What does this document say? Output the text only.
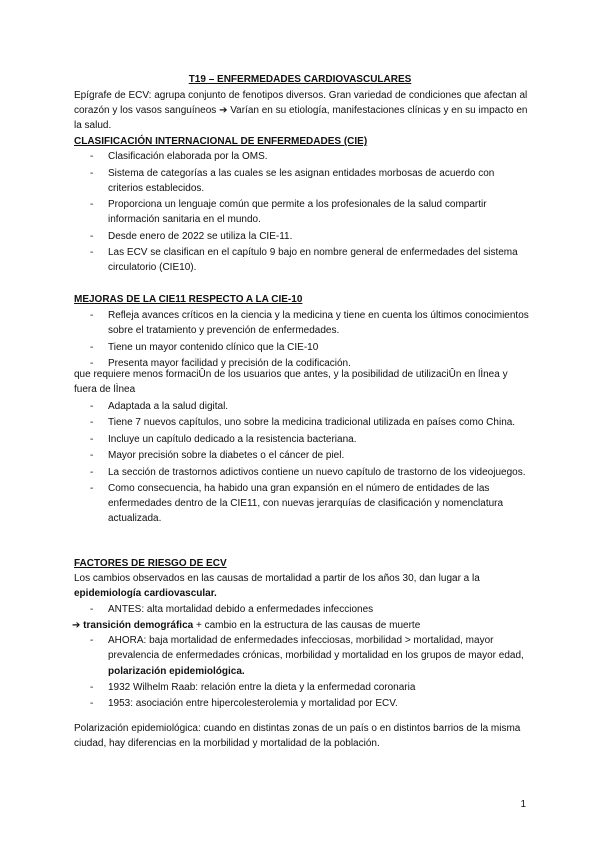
T19 – ENFERMEDADES CARDIOVASCULARES

Epígrafe de ECV: agrupa conjunto de fenotipos diversos. Gran variedad de condiciones que afectan al corazón y los vasos sanguíneos ➔ Varían en su etiología, manifestaciones clínicas y en su impacto en la salud.

CLASIFICACIÓN INTERNACIONAL DE ENFERMEDADES (CIE)

- Clasificación elaborada por la OMS.
- Sistema de categorías a las cuales se les asignan entidades morbosas de acuerdo con criterios establecidos.
- Proporciona un lenguaje común que permite a los profesionales de la salud compartir información sanitaria en el mundo.
- Desde enero de 2022 se utiliza la CIE-11.
- Las ECV se clasifican en el capítulo 9 bajo en nombre general de enfermedades del sistema circulatorio (CIE10).

MEJORAS DE LA CIE11 RESPECTO A LA CIE-10

- Refleja avances críticos en la ciencia y la medicina y tiene en cuenta los últimos conocimientos sobre el tratamiento y prevención de enfermedades.
- Tiene un mayor contenido clínico que la CIE-10
- Presenta mayor facilidad y precisión de la codificación.

que requiere menos formaciÛn de los usuarios que antes, y la posibilidad de utilizaciÛn en lÌnea y fuera de lÌnea

- Adaptada a la salud digital.
- Tiene 7 nuevos capítulos, uno sobre la medicina tradicional utilizada en países como China.
- Incluye un capítulo dedicado a la resistencia bacteriana.
- Mayor precisión sobre la diabetes o el cáncer de piel.
- La sección de trastornos adictivos contiene un nuevo capítulo de trastorno de los videojuegos.
- Como consecuencia, ha habido una gran expansión en el número de entidades de las enfermedades dentro de la CIE11, con nuevas jerarquías de clasificación y nomenclatura actualizada.

FACTORES DE RIESGO DE ECV

Los cambios observados en las causas de mortalidad a partir de los años 30, dan lugar a la epidemiología cardiovascular.

- ANTES: alta mortalidad debido a enfermedades infecciones

➔ transición demográfica + cambio en la estructura de las causas de muerte

- AHORA: baja mortalidad de enfermedades infecciosas, morbilidad > mortalidad, mayor prevalencia de enfermedades crónicas, morbilidad y mortalidad en los grupos de mayor edad, polarización epidemiológica.
- 1932 Wilhelm Raab: relación entre la dieta y la enfermedad coronaria
- 1953: asociación entre hipercolesterolemia y mortalidad por ECV.

Polarización epidemiológica: cuando en distintas zonas de un país o en distintos barrios de la misma ciudad, hay diferencias en la morbilidad y mortalidad de la población.

1
